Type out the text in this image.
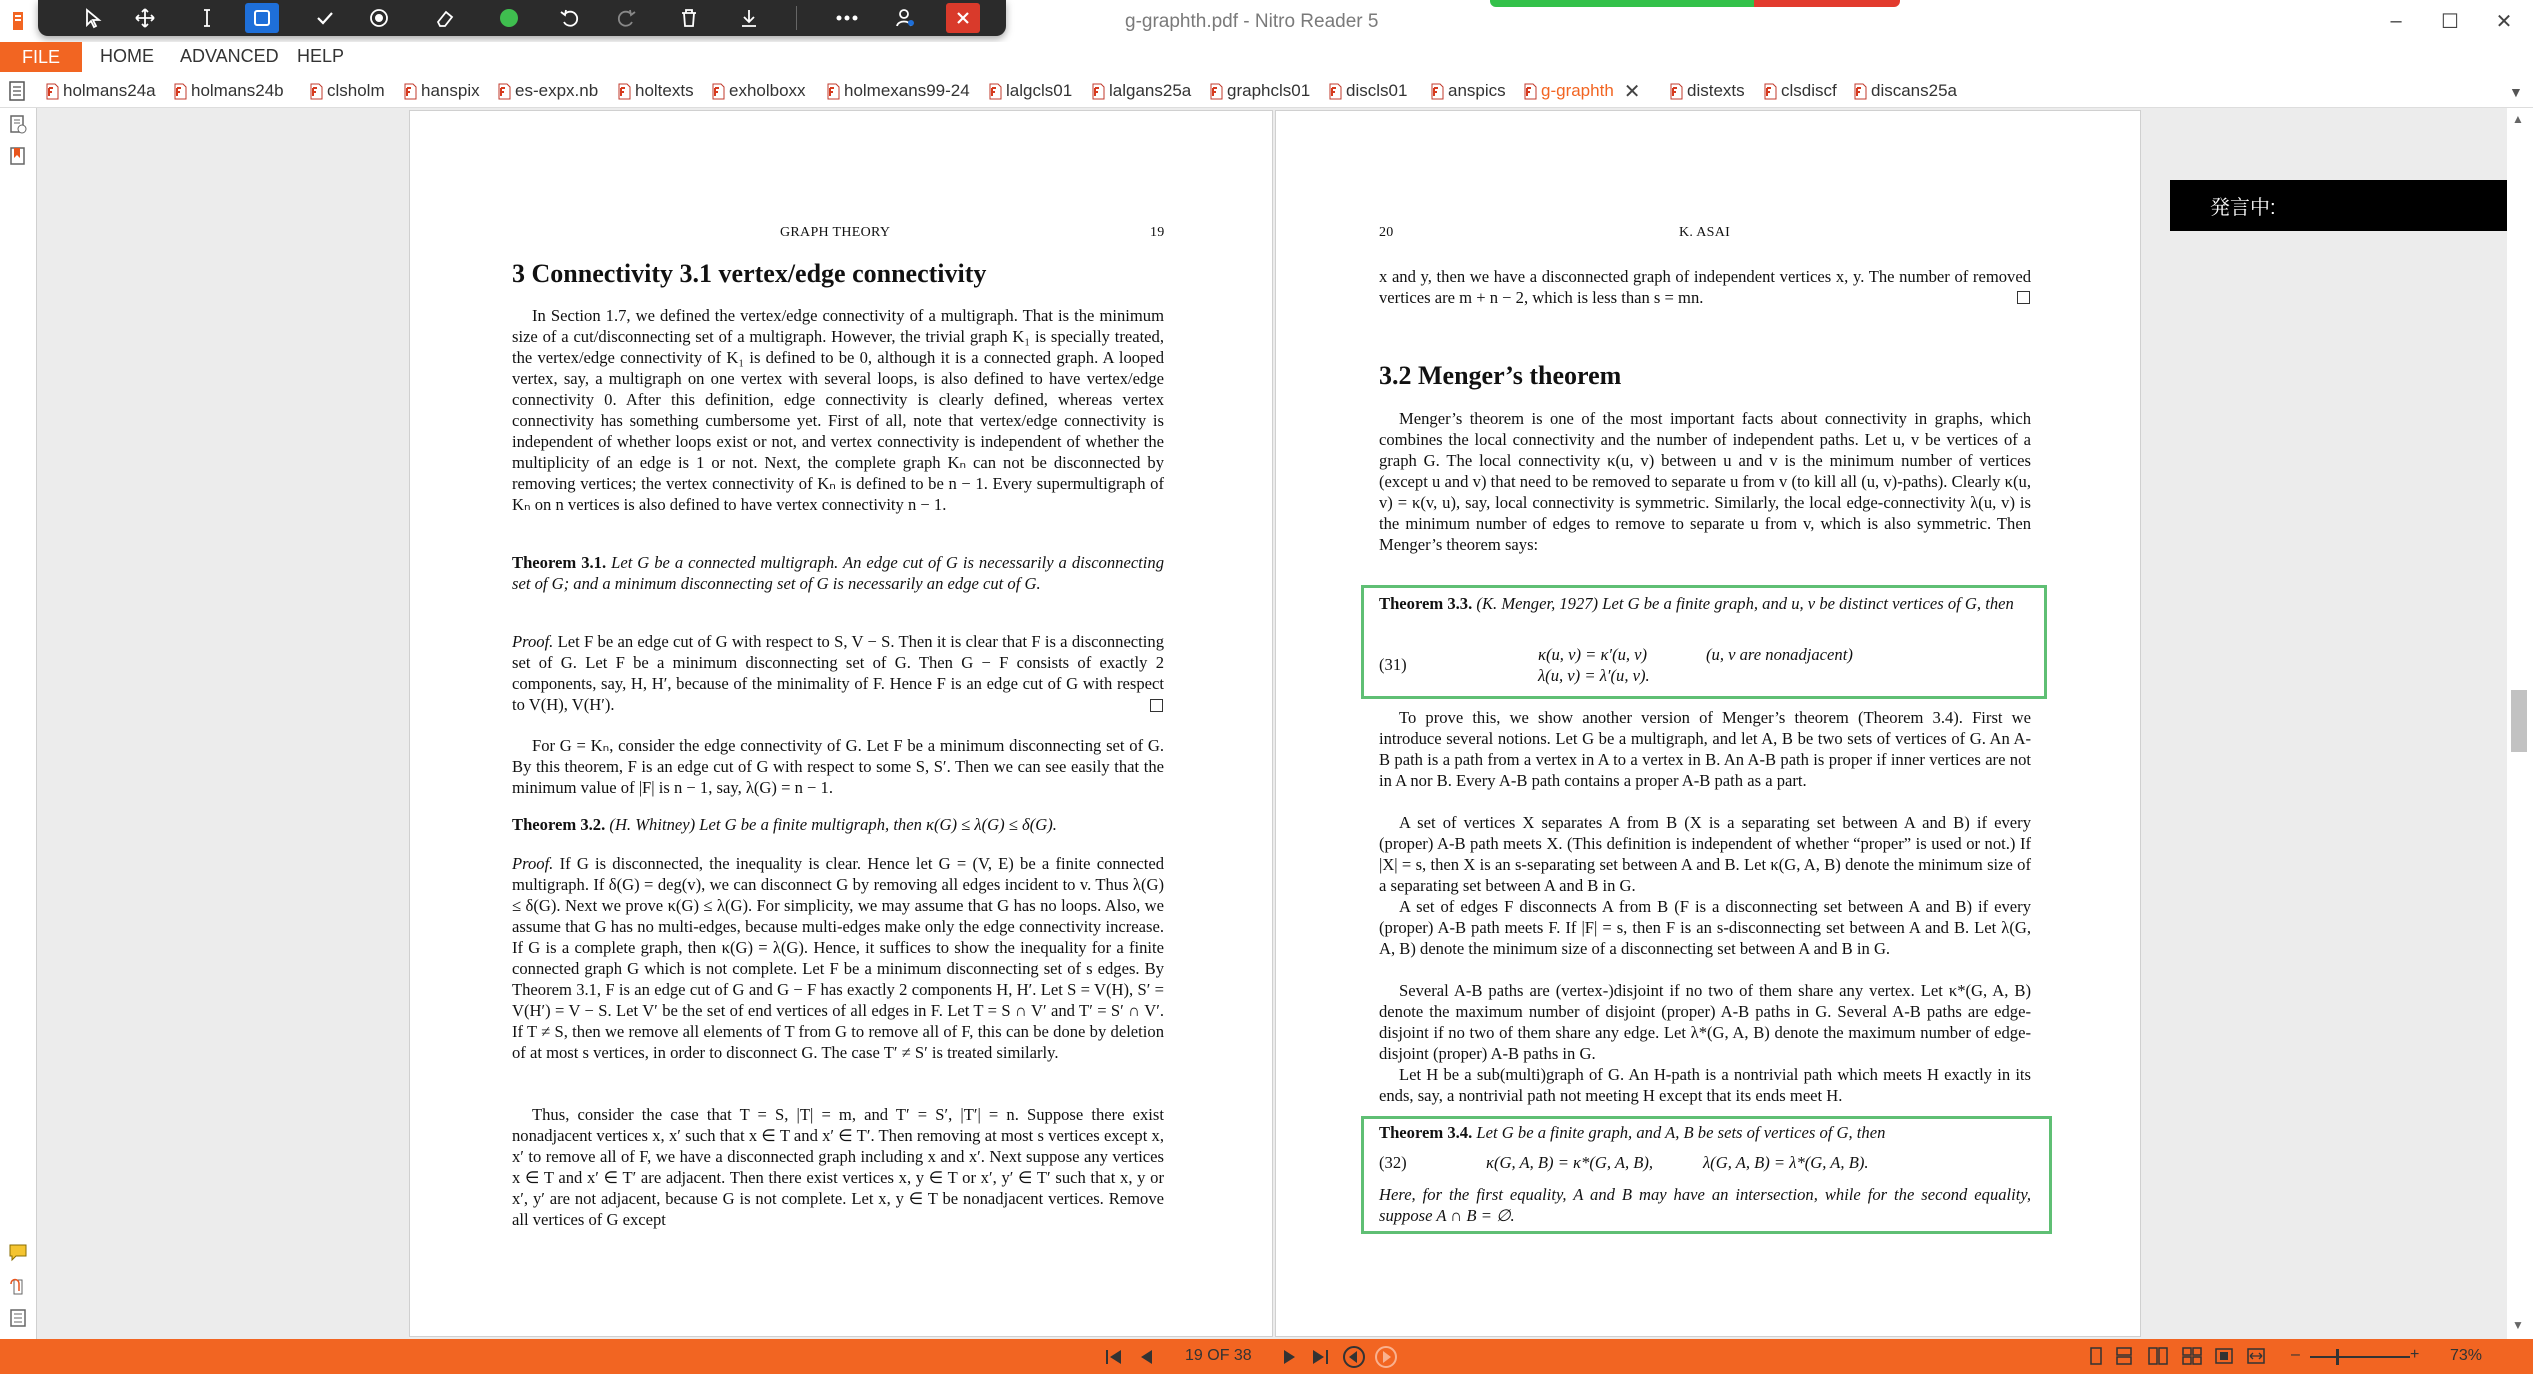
g-graphth.pdf - Nitro Reader 5	–	☐	✕
FILE	HOME ADVANCED HELP
holmans24a holmans24b	clsholm hanspix es-expx.nb holtexts exholboxx holmexans99-24 lalgcls01 lalgans25a graphcls01 discls01 anspics g-graphth ✕	distexts clsdiscf discans25a	▼
GRAPH THEORY	19
3 Connectivity 3.1 vertex/edge connectivity

In Section 1.7, we defined the vertex/edge connectivity of a multigraph. That is the minimum size of a cut/disconnecting set of a multigraph. However, the trivial graph K₁ is specially treated, the vertex/edge connectivity of K₁ is defined to be 0, although it is a connected graph. A looped vertex, say, a multigraph on one vertex with several loops, is also defined to have vertex/edge connectivity 0. After this definition, edge connectivity is clearly defined, whereas vertex connectivity has something cumbersome yet. First of all, note that vertex/edge connectivity is independent of whether loops exist or not, and vertex connectivity is independent of whether the multiplicity of an edge is 1 or not. Next, the complete graph Kₙ can not be disconnected by removing vertices; the vertex connectivity of Kₙ is defined to be n − 1. Every supermultigraph of Kₙ on n vertices is also defined to have vertex connectivity n − 1.

Theorem 3.1. Let G be a connected multigraph. An edge cut of G is necessarily a disconnecting set of G; and a minimum disconnecting set of G is necessarily an edge cut of G.

Proof. Let F be an edge cut of G with respect to S, V − S. Then it is clear that F is a disconnecting set of G. Let F be a minimum disconnecting set of G. Then G − F consists of exactly 2 components, say, H, H′, because of the minimality of F. Hence F is an edge cut of G with respect to V(H), V(H′).

For G = Kₙ, consider the edge connectivity of G. Let F be a minimum disconnecting set of G. By this theorem, F is an edge cut of G with respect to some S, S′. Then we can see easily that the minimum value of |F| is n − 1, say, λ(G) = n − 1.

Theorem 3.2. (H. Whitney) Let G be a finite multigraph, then κ(G) ≤ λ(G) ≤ δ(G).

Proof. If G is disconnected, the inequality is clear. Hence let G = (V, E) be a finite connected multigraph. If δ(G) = deg(v), we can disconnect G by removing all edges incident to v. Thus λ(G) ≤ δ(G). Next we prove κ(G) ≤ λ(G). For simplicity, we may assume that G has no loops. Also, we assume that G has no multi-edges, because multi-edges make only the edge connectivity increase. If G is a complete graph, then κ(G) = λ(G). Hence, it suffices to show the inequality for a finite connected graph G which is not complete. Let F be a minimum disconnecting set of s edges. By Theorem 3.1, F is an edge cut of G and G − F has exactly 2 components H, H′. Let S = V(H), S′ = V(H′) = V − S. Let V′ be the set of end vertices of all edges in F. Let T = S ∩ V′ and T′ = S′ ∩ V′. If T ≠ S, then we remove all elements of T from G to remove all of F, this can be done by deletion of at most s vertices, in order to disconnect G. The case T′ ≠ S′ is treated similarly.

Thus, consider the case that T = S, |T| = m, and T′ = S′, |T′| = n. Suppose there exist nonadjacent vertices x, x′ such that x ∈ T and x′ ∈ T′. Then removing at most s vertices except x, x′ to remove all of F, we have a disconnected graph including x and x′. Next suppose any vertices x ∈ T and x′ ∈ T′ are adjacent. Then there exist vertices x, y ∈ T or x′, y′ ∈ T′ such that x, y or x′, y′ are not adjacent, because G is not complete. Let x, y ∈ T be nonadjacent vertices. Remove all vertices of G except

20	K. ASAI

x and y, then we have a disconnected graph of independent vertices x, y. The number of removed vertices are m + n − 2, which is less than s = mn.

3.2 Menger’s theorem

Menger’s theorem is one of the most important facts about connectivity in graphs, which combines the local connectivity and the number of independent paths. Let u, v be vertices of a graph G. The local connectivity κ(u, v) between u and v is the minimum number of vertices (except u and v) that need to be removed to separate u from v (to kill all (u, v)-paths). Clearly κ(u, v) = κ(v, u), say, local connectivity is symmetric. Similarly, the local edge-connectivity λ(u, v) is the minimum number of edges to remove to separate u from v, which is also symmetric. Then Menger’s theorem says:

Theorem 3.3. (K. Menger, 1927) Let G be a finite graph, and u, v be distinct vertices of G, then

(31)
κ(u, v) = κ′(u, v)
λ(u, v) = λ′(u, v).
(u, v are nonadjacent)

To prove this, we show another version of Menger’s theorem (Theorem 3.4). First we introduce several notions. Let G be a multigraph, and let A, B be two sets of vertices of G. An A-B path is a path from a vertex in A to a vertex in B. An A-B path is proper if inner vertices are not in A nor B. Every A-B path contains a proper A-B path as a part.

A set of vertices X separates A from B (X is a separating set between A and B) if every (proper) A-B path meets X. (This definition is independent of whether “proper” is used or not.) If |X| = s, then X is an s-separating set between A and B. Let κ(G, A, B) denote the minimum size of a separating set between A and B in G.

A set of edges F disconnects A from B (F is a disconnecting set between A and B) if every (proper) A-B path meets F. If |F| = s, then F is an s-disconnecting set between A and B. Let λ(G, A, B) denote the minimum size of a disconnecting set between A and B in G.

Several A-B paths are (vertex-)disjoint if no two of them share any vertex. Let κ*(G, A, B) denote the maximum number of disjoint (proper) A-B paths in G. Several A-B paths are edge-disjoint if no two of them share any edge. Let λ*(G, A, B) denote the maximum number of edge-disjoint (proper) A-B paths in G.

Let H be a sub(multi)graph of G. An H-path is a nontrivial path which meets H exactly in its ends, say, a nontrivial path not meeting H except that its ends meet H.

Theorem 3.4. Let G be a finite graph, and A, B be sets of vertices of G, then

(32)	κ(G, A, B) = κ*(G, A, B),	λ(G, A, B) = λ*(G, A, B).

Here, for the first equality, A and B may have an intersection, while for the second equality, suppose A ∩ B = ∅.

発言中:
▲
▼
19 OF 38	–	+ 73%
